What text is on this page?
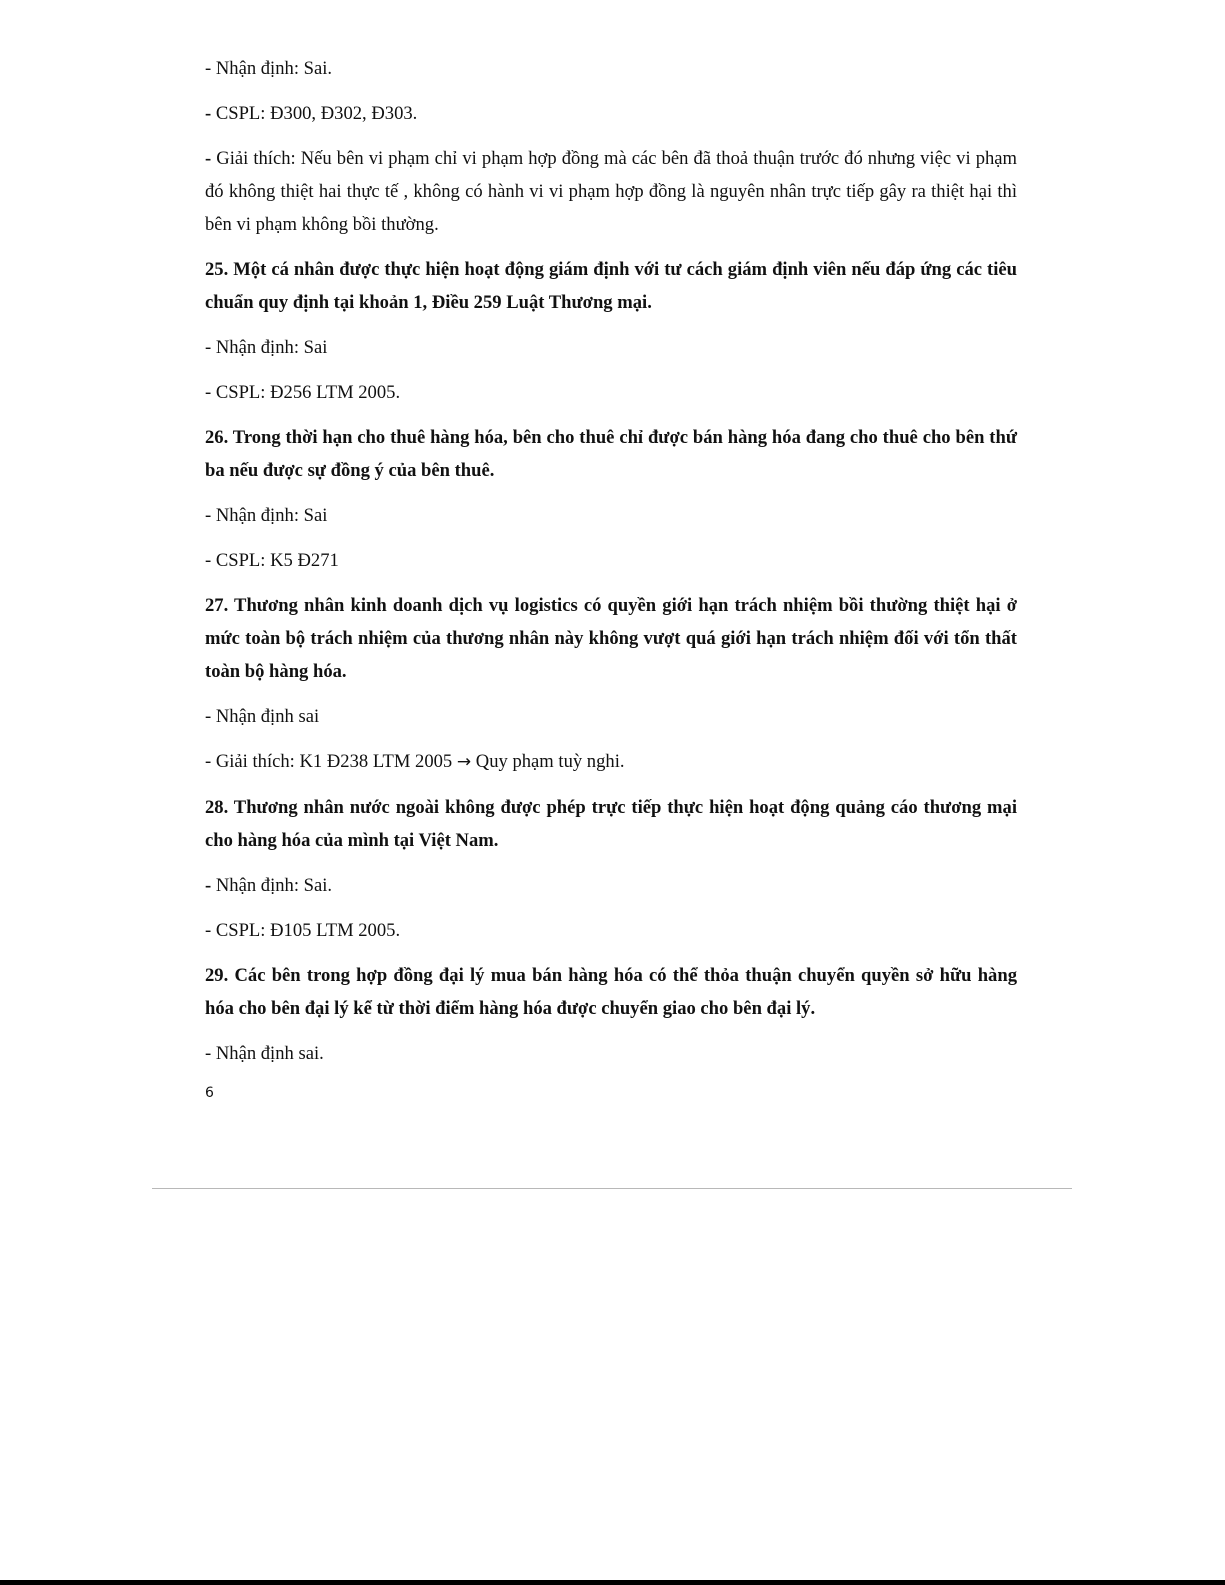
- Nhận định: Sai.

- CSPL: Đ300, Đ302, Đ303.

- Giải thích: Nếu bên vi phạm chỉ vi phạm hợp đồng mà các bên đã thoả thuận trước đó nhưng việc vi phạm đó không thiệt hai thực tế , không có hành vi vi phạm hợp đồng là nguyên nhân trực tiếp gây ra thiệt hại thì bên vi phạm không bồi thường.

25. Một cá nhân được thực hiện hoạt động giám định với tư cách giám định viên nếu đáp ứng các tiêu chuẩn quy định tại khoản 1, Điều 259 Luật Thương mại.

- Nhận định: Sai

- CSPL: Đ256 LTM 2005.

26. Trong thời hạn cho thuê hàng hóa, bên cho thuê chỉ được bán hàng hóa đang cho thuê cho bên thứ ba nếu được sự đồng ý của bên thuê.

- Nhận định: Sai

- CSPL: K5 Đ271

27. Thương nhân kinh doanh dịch vụ logistics có quyền giới hạn trách nhiệm bồi thường thiệt hại ở mức toàn bộ trách nhiệm của thương nhân này không vượt quá giới hạn trách nhiệm đối với tổn thất toàn bộ hàng hóa.

- Nhận định sai

- Giải thích: K1 Đ238 LTM 2005 → Quy phạm tuỳ nghi.

28. Thương nhân nước ngoài không được phép trực tiếp thực hiện hoạt động quảng cáo thương mại cho hàng hóa của mình tại Việt Nam.

- Nhận định: Sai.

- CSPL: Đ105 LTM 2005.

29. Các bên trong hợp đồng đại lý mua bán hàng hóa có thể thỏa thuận chuyển quyền sở hữu hàng hóa cho bên đại lý kể từ thời điểm hàng hóa được chuyển giao cho bên đại lý.

- Nhận định sai.

6
